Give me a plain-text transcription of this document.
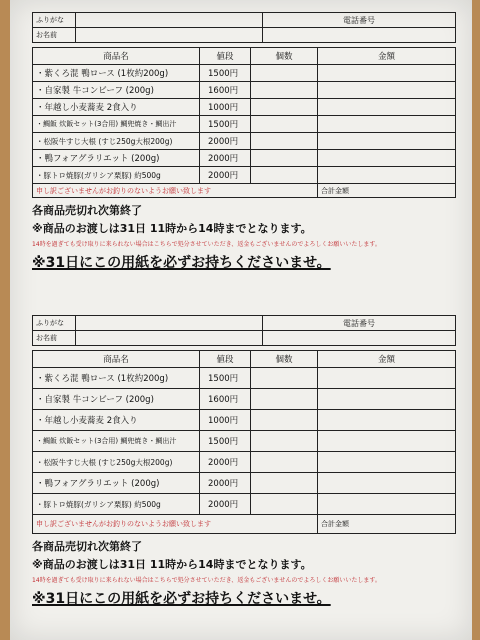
ふりがな		電話番号
お名前		
商品名	値段	個数	金額
・紫くろ混 鴨ロース (1枚約200g)	1500円		
・自家製 牛コンビーフ (200g)	1600円		
・年越し小麦蕎麦 2食入り	1000円		
・鯛飯 炊飯セット(3合用) 鯛兜焼き・鯛出汁	1500円		
・松阪牛すじ大根 (すじ250g大根200g)	2000円		
・鴨フォアグラリエット (200g)	2000円		
・豚トロ焼豚(ガリシア栗豚) 約500g	2000円		
申し訳ございませんがお釣りのないようお願い致します			合計金額
各商品売切れ次第終了
※商品のお渡しは31日 11時から14時までとなります。
14時を過ぎても受け取りに来られない場合はこちらで処分させていただき、返金もございませんのでよろしくお願いいたします。
※31日にこの用紙を必ずお持ちくださいませ。
ふりがな		電話番号
お名前		
商品名	値段	個数	金額
・紫くろ混 鴨ロース (1枚約200g)	1500円		
・自家製 牛コンビーフ (200g)	1600円		
・年越し小麦蕎麦 2食入り	1000円		
・鯛飯 炊飯セット(3合用) 鯛兜焼き・鯛出汁	1500円		
・松阪牛すじ大根 (すじ250g大根200g)	2000円		
・鴨フォアグラリエット (200g)	2000円		
・豚トロ焼豚(ガリシア栗豚) 約500g	2000円		
申し訳ございませんがお釣りのないようお願い致します			合計金額
各商品売切れ次第終了
※商品のお渡しは31日 11時から14時までとなります。
14時を過ぎても受け取りに来られない場合はこちらで処分させていただき、返金もございませんのでよろしくお願いいたします。
※31日にこの用紙を必ずお持ちくださいませ。
